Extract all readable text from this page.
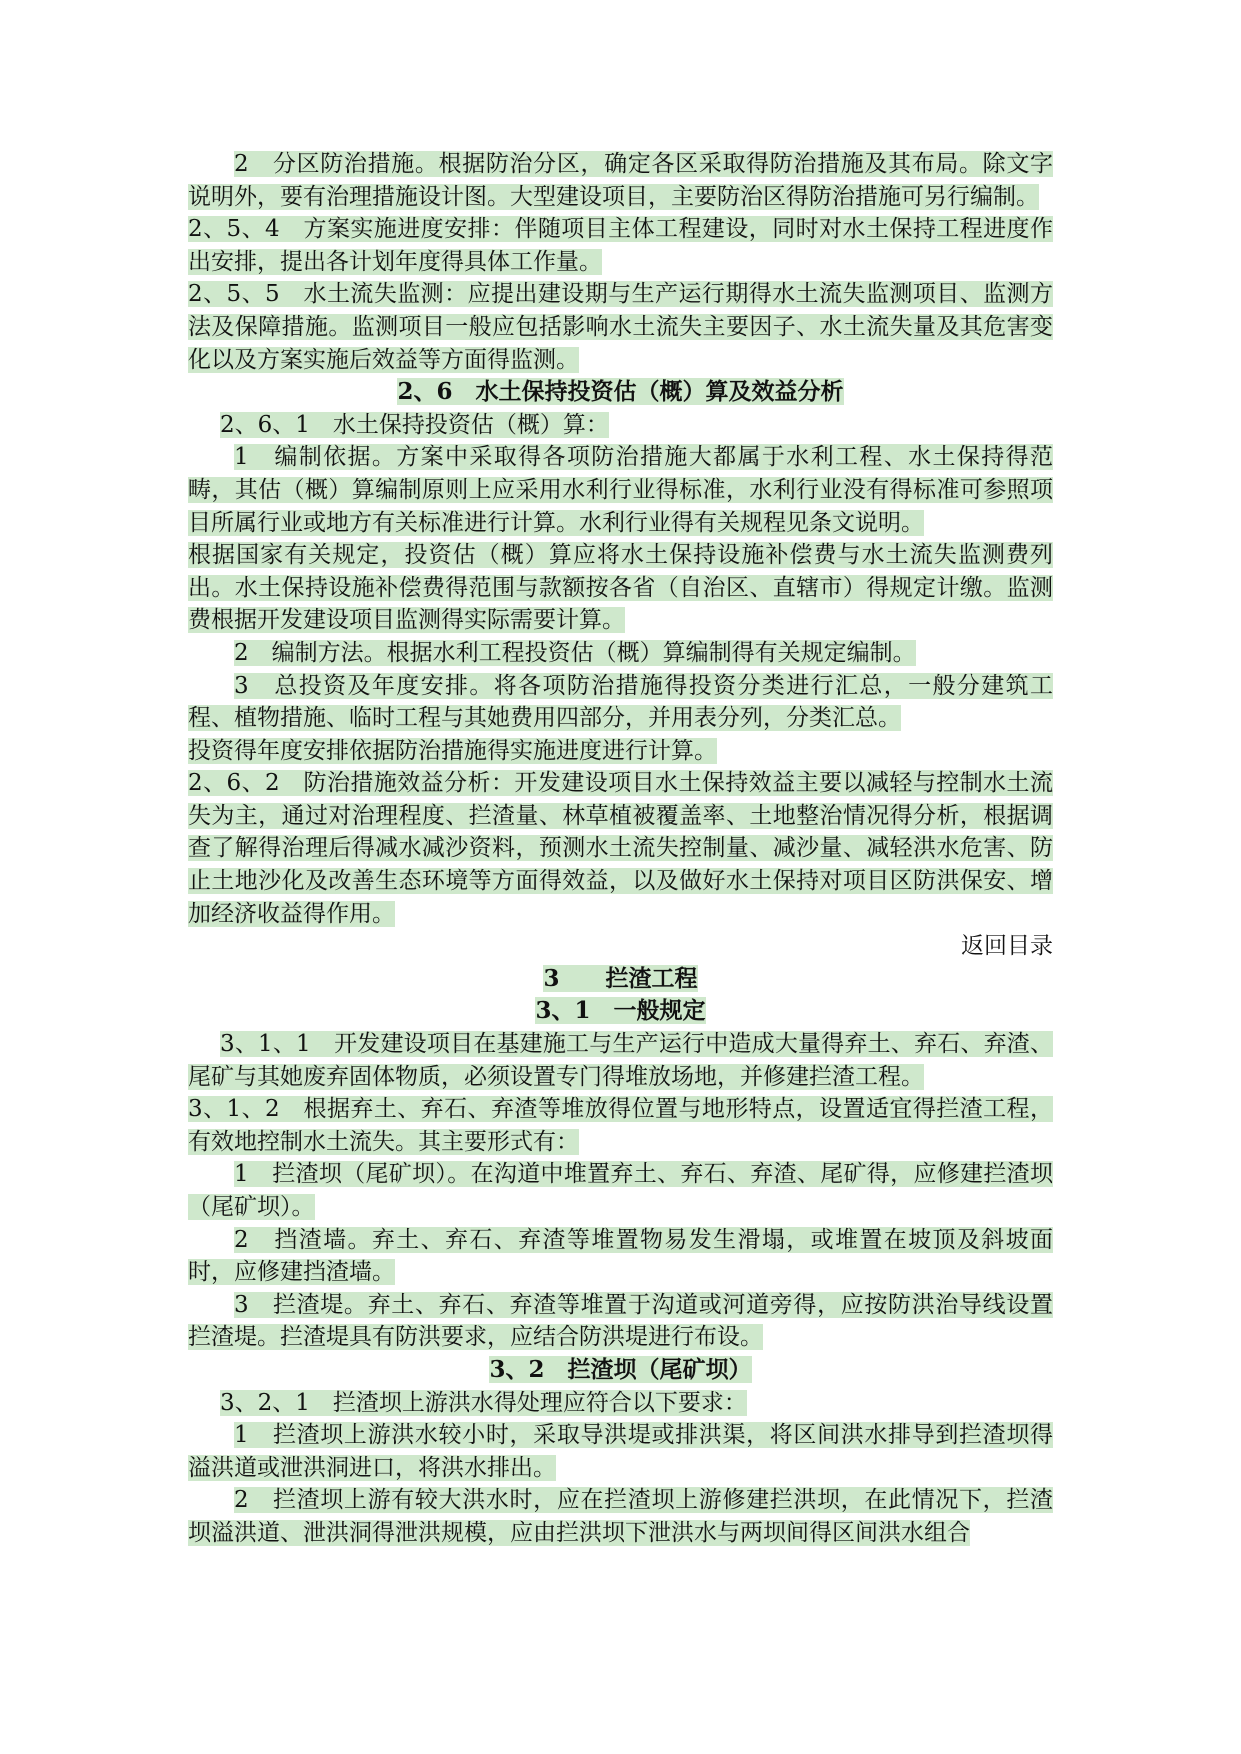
2　分区防治措施。根据防治分区，确定各区采取得防治措施及其布局。除文字说明外，要有治理措施设计图。大型建设项目，主要防治区得防治措施可另行编制。

2、5、4　方案实施进度安排：伴随项目主体工程建设，同时对水土保持工程进度作出安排，提出各计划年度得具体工作量。

2、5、5　水土流失监测：应提出建设期与生产运行期得水土流失监测项目、监测方法及保障措施。监测项目一般应包括影响水土流失主要因子、水土流失量及其危害变化以及方案实施后效益等方面得监测。

2、6　水土保持投资估（概）算及效益分析

2、6、1　水土保持投资估（概）算：

1　编制依据。方案中采取得各项防治措施大都属于水利工程、水土保持得范畴，其估（概）算编制原则上应采用水利行业得标准，水利行业没有得标准可参照项目所属行业或地方有关标准进行计算。水利行业得有关规程见条文说明。

根据国家有关规定，投资估（概）算应将水土保持设施补偿费与水土流失监测费列出。水土保持设施补偿费得范围与款额按各省（自治区、直辖市）得规定计缴。监测费根据开发建设项目监测得实际需要计算。

2　编制方法。根据水利工程投资估（概）算编制得有关规定编制。

3　总投资及年度安排。将各项防治措施得投资分类进行汇总，一般分建筑工程、植物措施、临时工程与其她费用四部分，并用表分列，分类汇总。

投资得年度安排依据防治措施得实施进度进行计算。

2、6、2　防治措施效益分析：开发建设项目水土保持效益主要以减轻与控制水土流失为主，通过对治理程度、拦渣量、林草植被覆盖率、土地整治情况得分析，根据调查了解得治理后得减水减沙资料，预测水土流失控制量、减沙量、减轻洪水危害、防止土地沙化及改善生态环境等方面得效益，以及做好水土保持对项目区防洪保安、增加经济收益得作用。

返回目录

3　　拦渣工程

3、1　一般规定

3、1、1　开发建设项目在基建施工与生产运行中造成大量得弃土、弃石、弃渣、尾矿与其她废弃固体物质，必须设置专门得堆放场地，并修建拦渣工程。

3、1、2　根据弃土、弃石、弃渣等堆放得位置与地形特点，设置适宜得拦渣工程，有效地控制水土流失。其主要形式有：

1　拦渣坝（尾矿坝）。在沟道中堆置弃土、弃石、弃渣、尾矿得，应修建拦渣坝（尾矿坝）。

2　挡渣墙。弃土、弃石、弃渣等堆置物易发生滑塌，或堆置在坡顶及斜坡面时，应修建挡渣墙。

3　拦渣堤。弃土、弃石、弃渣等堆置于沟道或河道旁得，应按防洪治导线设置拦渣堤。拦渣堤具有防洪要求，应结合防洪堤进行布设。

3、2　拦渣坝（尾矿坝）

3、2、1　拦渣坝上游洪水得处理应符合以下要求：

1　拦渣坝上游洪水较小时，采取导洪堤或排洪渠，将区间洪水排导到拦渣坝得溢洪道或泄洪洞进口，将洪水排出。

2　拦渣坝上游有较大洪水时，应在拦渣坝上游修建拦洪坝，在此情况下，拦渣坝溢洪道、泄洪洞得泄洪规模，应由拦洪坝下泄洪水与两坝间得区间洪水组合
